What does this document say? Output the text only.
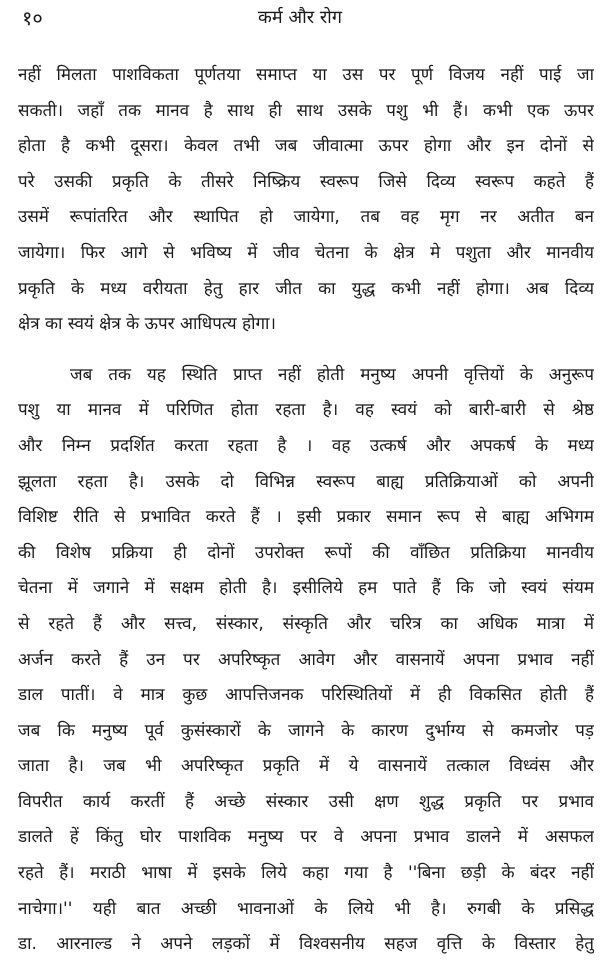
१०	कर्म और रोग
नहीं मिलता पाशविकता पूर्णतया समाप्त या उस पर पूर्ण विजय नहीं पाई जा
सकती। जहाँ तक मानव है साथ ही साथ उसके पशु भी हैं। कभी एक ऊपर
होता है कभी दूसरा। केवल तभी जब जीवात्मा ऊपर होगा और इन दोनों से
परे उसकी प्रकृति के तीसरे निष्क्रिय स्वरूप जिसे दिव्य स्वरूप कहते हैं
उसमें रूपांतरित और स्थापित हो जायेगा, तब वह मृग नर अतीत बन
जायेगा। फिर आगे से भविष्य में जीव चेतना के क्षेत्र मे पशुता और मानवीय
प्रकृति के मध्य वरीयता हेतु हार जीत का युद्ध कभी नहीं होगा। अब दिव्य
क्षेत्र का स्वयं क्षेत्र के ऊपर आधिपत्य होगा।
जब तक यह स्थिति प्राप्त नहीं होती मनुष्य अपनी वृत्तियों के अनुरूप
पशु या मानव में परिणित होता रहता है। वह स्वयं को बारी-बारी से श्रेष्ठ
और निम्न प्रदर्शित करता रहता है । वह उत्कर्ष और अपकर्ष के मध्य
झूलता रहता है। उसके दो विभिन्न स्वरूप बाह्य प्रतिक्रियाओं को अपनी
विशिष्ट रीति से प्रभावित करते हैं । इसी प्रकार समान रूप से बाह्य अभिगम
की विशेष प्रक्रिया ही दोनों उपरोक्त रूपों की वाँछित प्रतिक्रिया मानवीय
चेतना में जगाने में सक्षम होती है। इसीलिये हम पाते हैं कि जो स्वयं संयम
से रहते हैं और सत्त्व, संस्कार, संस्कृति और चरित्र का अधिक मात्रा में
अर्जन करते हैं उन पर अपरिष्कृत आवेग और वासनायें अपना प्रभाव नहीं
डाल पातीं। वे मात्र कुछ आपत्तिजनक परिस्थितियों में ही विकसित होती हैं
जब कि मनुष्य पूर्व कुसंस्कारों के जागने के कारण दुर्भाग्य से कमजोर पड़
जाता है। जब भी अपरिष्कृत प्रकृति में ये वासनायें तत्काल विध्वंस और
विपरीत कार्य करतीं हैं अच्छे संस्कार उसी क्षण शुद्ध प्रकृति पर प्रभाव
डालते हें किंतु घोर पाशविक मनुष्य पर वे अपना प्रभाव डालने में असफल
रहते हैं। मराठी भाषा में इसके लिये कहा गया है ''बिना छड़ी के बंदर नहीं
नाचेगा।'' यही बात अच्छी भावनाओं के लिये भी है। रुगबी के प्रसिद्ध
डा. आरनाल्ड ने अपने लड़कों में विश्वसनीय सहज वृत्ति के विस्तार हेतु
